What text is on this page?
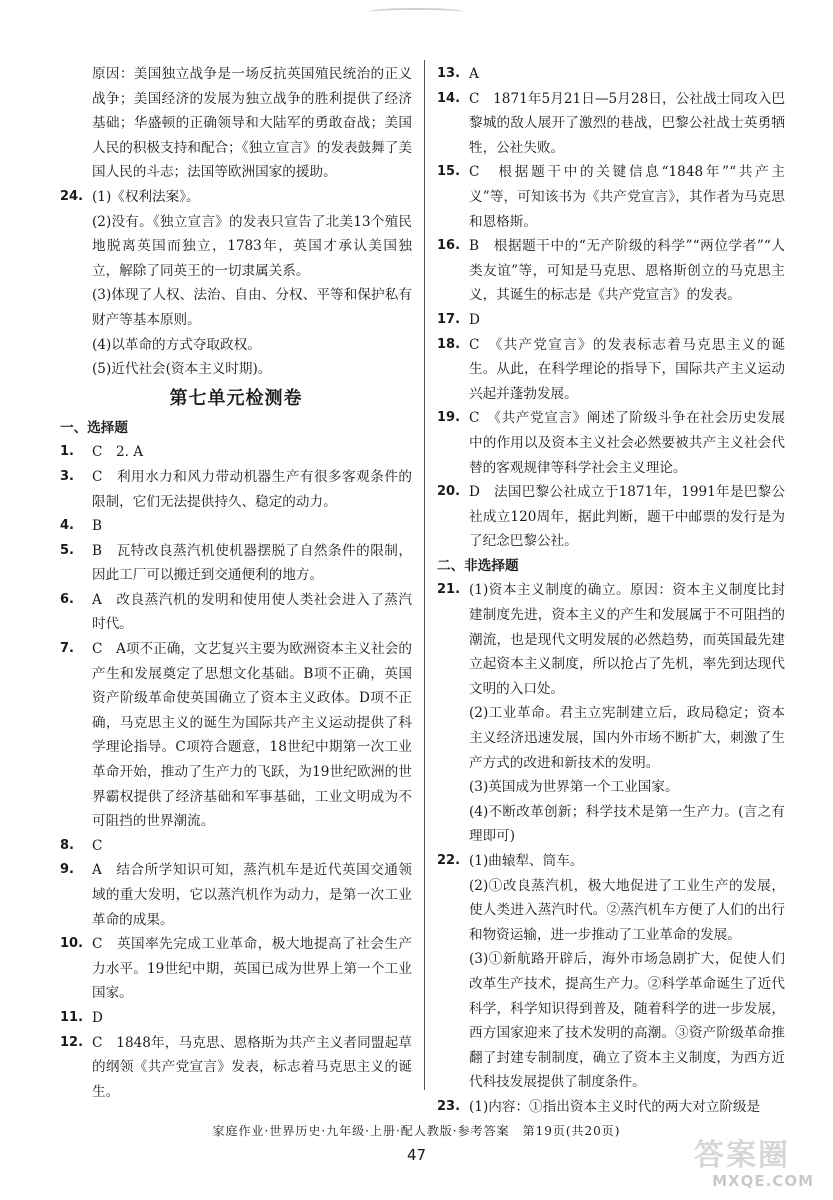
原因：美国独立战争是一场反抗英国殖民统治的正义战争；美国经济的发展为独立战争的胜利提供了经济基础；华盛顿的正确领导和大陆军的勇敢奋战；美国人民的积极支持和配合；《独立宣言》的发表鼓舞了美国人民的斗志；法国等欧洲国家的援助。
24. (1)《权利法案》。
(2)没有。《独立宣言》的发表只宣告了北美13个殖民地脱离英国而独立，1783年，英国才承认美国独立，解除了同英王的一切隶属关系。
(3)体现了人权、法治、自由、分权、平等和保护私有财产等基本原则。
(4)以革命的方式夺取政权。
(5)近代社会(资本主义时期)。
第七单元检测卷
一、选择题
1. C　2. A
3. C　利用水力和风力带动机器生产有很多客观条件的限制，它们无法提供持久、稳定的动力。
4. B
5. B　瓦特改良蒸汽机使机器摆脱了自然条件的限制，因此工厂可以搬迁到交通便利的地方。
6. A　改良蒸汽机的发明和使用使人类社会进入了蒸汽时代。
7. C　A项不正确，文艺复兴主要为欧洲资本主义社会的产生和发展奠定了思想文化基础。B项不正确，英国资产阶级革命使英国确立了资本主义政体。D项不正确，马克思主义的诞生为国际共产主义运动提供了科学理论指导。C项符合题意，18世纪中期第一次工业革命开始，推动了生产力的飞跃，为19世纪欧洲的世界霸权提供了经济基础和军事基础，工业文明成为不可阻挡的世界潮流。
8. C
9. A　结合所学知识可知，蒸汽机车是近代英国交通领域的重大发明，它以蒸汽机作为动力，是第一次工业革命的成果。
10. C　英国率先完成工业革命，极大地提高了社会生产力水平。19世纪中期，英国已成为世界上第一个工业国家。
11. D
12. C　1848年，马克思、恩格斯为共产主义者同盟起草的纲领《共产党宣言》发表，标志着马克思主义的诞生。
13. A
14. C　1871年5月21日—5月28日，公社战士同攻入巴黎城的敌人展开了激烈的巷战，巴黎公社战士英勇牺牲，公社失败。
15. C　根据题干中的关键信息“1848年”“共产主义”等，可知该书为《共产党宣言》，其作者为马克思和恩格斯。
16. B　根据题干中的“无产阶级的科学”“两位学者”“人类友谊”等，可知是马克思、恩格斯创立的马克思主义，其诞生的标志是《共产党宣言》的发表。
17. D
18. C　《共产党宣言》的发表标志着马克思主义的诞生。从此，在科学理论的指导下，国际共产主义运动兴起并蓬勃发展。
19. C　《共产党宣言》阐述了阶级斗争在社会历史发展中的作用以及资本主义社会必然要被共产主义社会代替的客观规律等科学社会主义理论。
20. D　法国巴黎公社成立于1871年，1991年是巴黎公社成立120周年，据此判断，题干中邮票的发行是为了纪念巴黎公社。
二、非选择题
21. (1)资本主义制度的确立。原因：资本主义制度比封建制度先进，资本主义的产生和发展属于不可阻挡的潮流，也是现代文明发展的必然趋势，而英国最先建立起资本主义制度，所以抢占了先机，率先到达现代文明的入口处。
(2)工业革命。君主立宪制建立后，政局稳定；资本主义经济迅速发展，国内外市场不断扩大，刺激了生产方式的改进和新技术的发明。
(3)英国成为世界第一个工业国家。
(4)不断改革创新；科学技术是第一生产力。(言之有理即可)
22. (1)曲辕犁、筒车。
(2)①改良蒸汽机，极大地促进了工业生产的发展，使人类进入蒸汽时代。②蒸汽机车方便了人们的出行和物资运输，进一步推动了工业革命的发展。
(3)①新航路开辟后，海外市场急剧扩大，促使人们改革生产技术，提高生产力。②科学革命诞生了近代科学，科学知识得到普及，随着科学的进一步发展，西方国家迎来了技术发明的高潮。③资产阶级革命推翻了封建专制制度，确立了资本主义制度，为西方近代科技发展提供了制度条件。
23. (1)内容：①指出资本主义时代的两大对立阶级是
家庭作业·世界历史·九年级·上册·配人教版·参考答案　第19页(共20页)
47	答案圈
MXQE.COM
